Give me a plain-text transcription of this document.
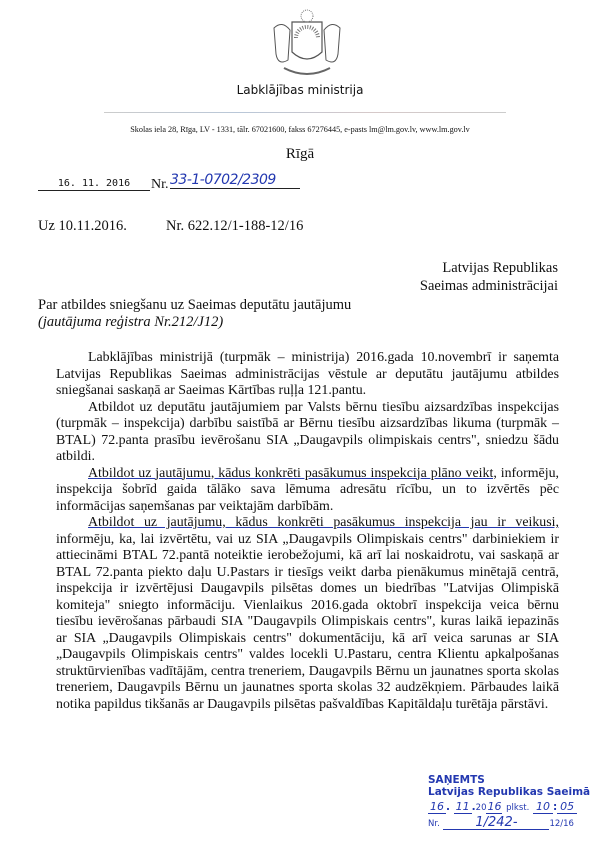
Labklājības ministrija
Skolas iela 28, Rīga, LV - 1331, tālr. 67021600, fakss 67276445, e-pasts lm@lm.gov.lv, www.lm.gov.lv
Rīgā
16. 11. 2016	Nr. 33-1-0702/2309
Uz 10.11.2016.	Nr. 622.12/1-188-12/16
Latvijas Republikas
Saeimas administrācijai
Par atbildes sniegšanu uz Saeimas deputātu jautājumu
(jautājuma reģistra Nr.212/J12)

Labklājības ministrijā (turpmāk – ministrija) 2016.gada 10.novembrī ir saņemta Latvijas Republikas Saeimas administrācijas vēstule ar deputātu jautājumu atbildes sniegšanai saskaņā ar Saeimas Kārtības ruļļa 121.pantu.

Atbildot uz deputātu jautājumiem par Valsts bērnu tiesību aizsardzības inspekcijas (turpmāk – inspekcija) darbību saistībā ar Bērnu tiesību aizsardzības likuma (turpmāk – BTAL) 72.panta prasību ievērošanu SIA „Daugavpils olimpiskais centrs", sniedzu šādu atbildi.

Atbildot uz jautājumu, kādus konkrēti pasākumus inspekcija plāno veikt, informēju, inspekcija šobrīd gaida tālāko sava lēmuma adresātu rīcību, un to izvērtēs pēc informācijas saņemšanas par veiktajām darbībām.

Atbildot uz jautājumu, kādus konkrēti pasākumus inspekcija jau ir veikusi, informēju, ka, lai izvērtētu, vai uz SIA „Daugavpils Olimpiskais centrs" darbiniekiem ir attiecināmi BTAL 72.pantā noteiktie ierobežojumi, kā arī lai noskaidrotu, vai saskaņā ar BTAL 72.panta piekto daļu U.Pastars ir tiesīgs veikt darba pienākumus minētajā centrā, inspekcija ir izvērtējusi Daugavpils pilsētas domes un biedrības "Latvijas Olimpiskā komiteja" sniegto informāciju. Vienlaikus 2016.gada oktobrī inspekcija veica bērnu tiesību ievērošanas pārbaudi SIA "Daugavpils Olimpiskais centrs", kuras laikā iepazinās ar SIA „Daugavpils Olimpiskais centrs" dokumentāciju, kā arī veica sarunas ar SIA „Daugavpils Olimpiskais centrs" valdes locekli U.Pastaru, centra Klientu apkalpošanas struktūrvienības vadītājām, centra treneriem, Daugavpils Bērnu un jaunatnes sporta skolas treneriem, Daugavpils Bērnu un jaunatnes sporta skolas 32 audzēkņiem. Pārbaudes laikā notika papildus tikšanās ar Daugavpils pilsētas pašvaldības Kapitāldaļu turētāja pārstāvi.

SAŅEMTS
Latvijas Republikas Saeimā
16 . 11 .2016 plkst. 10 : 05
Nr.	1/242-	12/16
